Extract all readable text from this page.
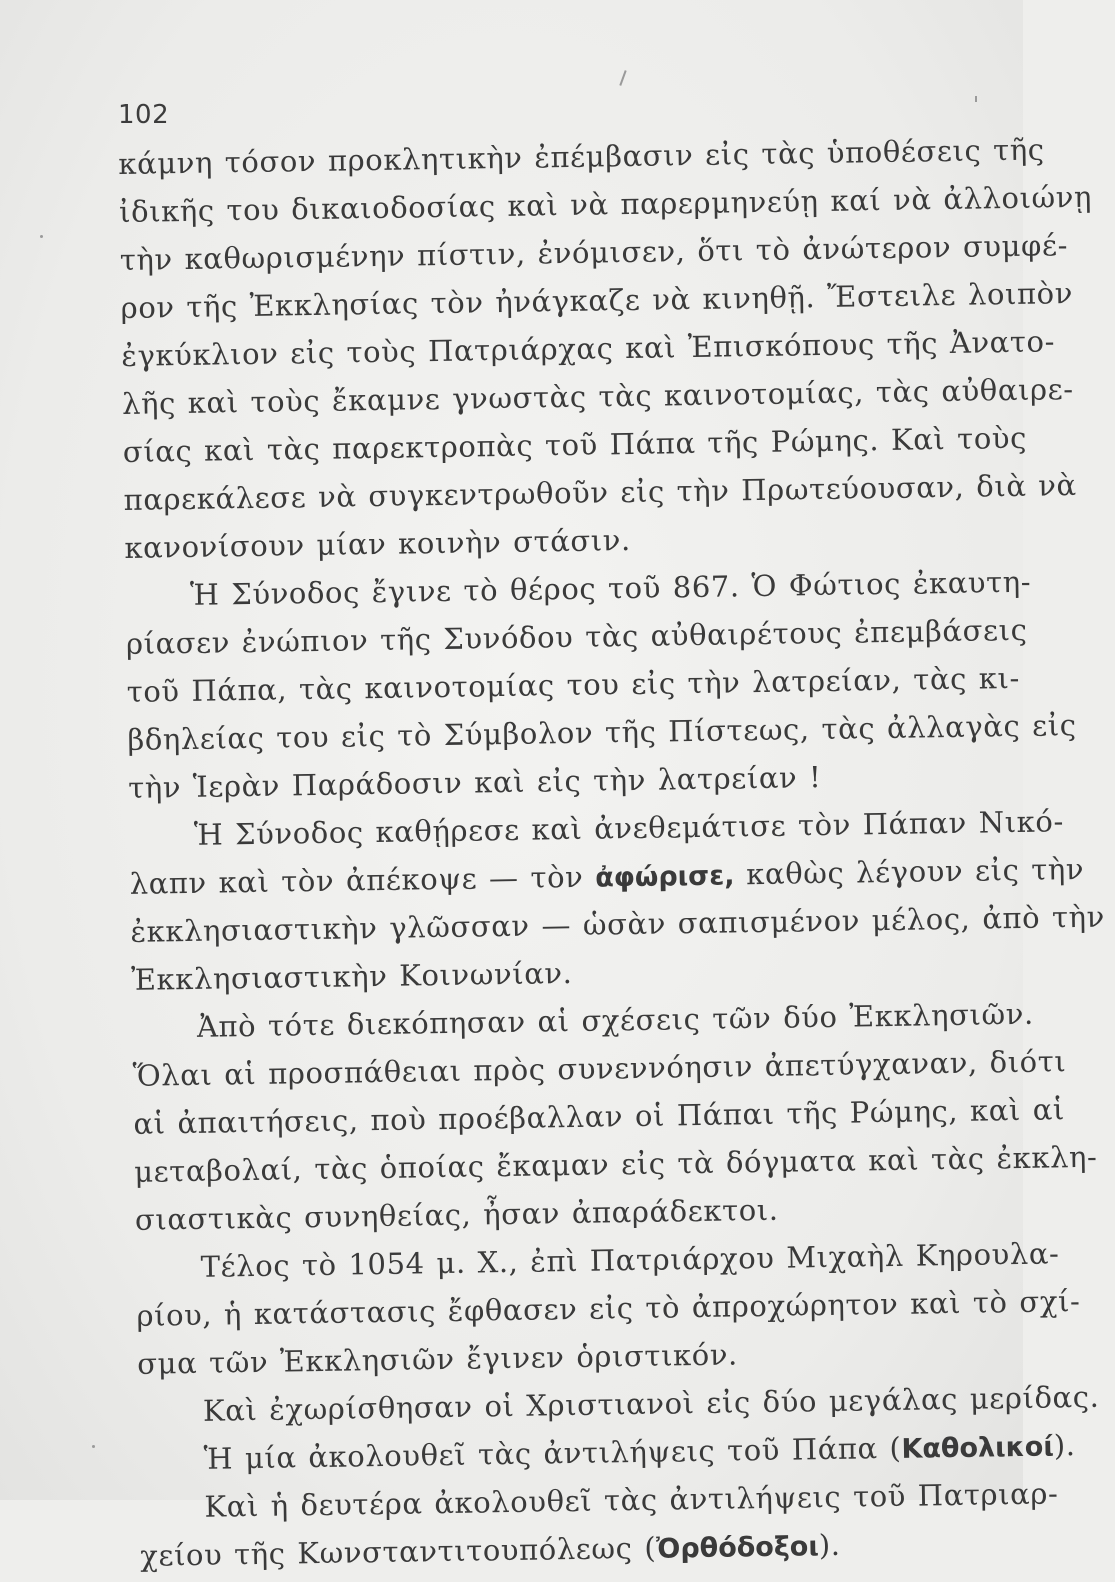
102
κάμνη τόσον προκλητικὴν ἐπέμβασιν εἰς τὰς ὑποθέσεις τῆς
ἰδικῆς του δικαιοδοσίας καὶ νὰ παρερμηνεύῃ καί νὰ ἀλλοιώνῃ
τὴν καθωρισμένην πίστιν, ἐνόμισεν, ὅτι τὸ ἀνώτερον συμφέ-
ρον τῆς Ἐκκλησίας τὸν ἠνάγκαζε νὰ κινηθῇ. Ἔστειλε λοιπὸν
ἐγκύκλιον εἰς τοὺς Πατριάρχας καὶ Ἐπισκόπους τῆς Ἀνατο-
λῆς καὶ τοὺς ἔκαμνε γνωστὰς τὰς καινοτομίας, τὰς αὐθαιρε-
σίας καὶ τὰς παρεκτροπὰς τοῦ Πάπα τῆς Ρώμης. Καὶ τοὺς
παρεκάλεσε νὰ συγκεντρωθοῦν εἰς τὴν Πρωτεύουσαν, διὰ νὰ
κανονίσουν μίαν κοινὴν στάσιν.
Ἡ Σύνοδος ἔγινε τὸ θέρος τοῦ 867. Ὁ Φώτιος ἐκαυτη-
ρίασεν ἐνώπιον τῆς Συνόδου τὰς αὐθαιρέτους ἐπεμβάσεις
τοῦ Πάπα, τὰς καινοτομίας του εἰς τὴν λατρείαν, τὰς κι-
βδηλείας του εἰς τὸ Σύμβολον τῆς Πίστεως, τὰς ἀλλαγὰς εἰς
τὴν Ἱερὰν Παράδοσιν καὶ εἰς τὴν λατρείαν !
Ἡ Σύνοδος καθῄρεσε καὶ ἀνεθεμάτισε τὸν Πάπαν Νικό-
λαπν καὶ τὸν ἀπέκοψε — τὸν ἀφώρισε, καθὼς λέγουν εἰς τὴν
ἐκκλησιαστικὴν γλῶσσαν — ὡσὰν σαπισμένον μέλος, ἀπὸ τὴν
Ἐκκλησιαστικὴν Κοινωνίαν.
Ἀπὸ τότε διεκόπησαν αἱ σχέσεις τῶν δύο Ἐκκλησιῶν.
Ὅλαι αἱ προσπάθειαι πρὸς συνεννόησιν ἀπετύγχαναν, διότι
αἱ ἀπαιτήσεις, ποὺ προέβαλλαν οἱ Πάπαι τῆς Ρώμης, καὶ αἱ
μεταβολαί, τὰς ὁποίας ἔκαμαν εἰς τὰ δόγματα καὶ τὰς ἐκκλη-
σιαστικὰς συνηθείας, ἦσαν ἀπαράδεκτοι.
Τέλος τὸ 1054 μ. Χ., ἐπὶ Πατριάρχου Μιχαὴλ Κηρουλα-
ρίου, ἡ κατάστασις ἔφθασεν εἰς τὸ ἀπροχώρητον καὶ τὸ σχί-
σμα τῶν Ἐκκλησιῶν ἔγινεν ὁριστικόν.
Καὶ ἐχωρίσθησαν οἱ Χριστιανοὶ εἰς δύο μεγάλας μερίδας.
Ἡ μία ἀκολουθεῖ τὰς ἀντιλήψεις τοῦ Πάπα (Καθολικοί).
Καὶ ἡ δευτέρα ἀκολουθεῖ τὰς ἀντιλήψεις τοῦ Πατριαρ-
χείου τῆς Κωνσταντιτουπόλεως (Ὀρθόδοξοι).
